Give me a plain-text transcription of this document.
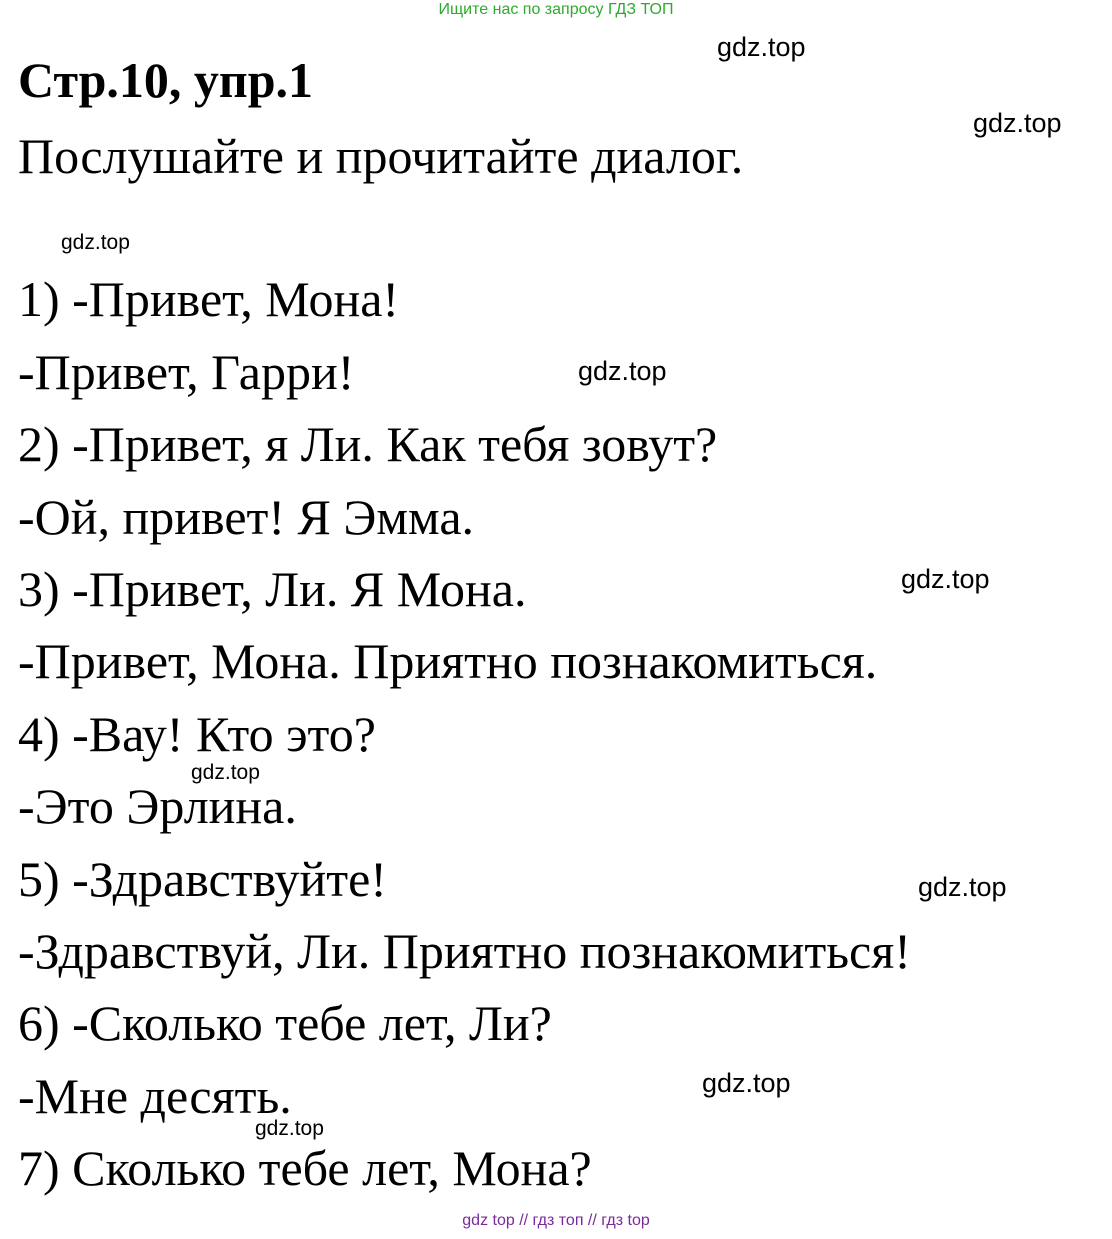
Ищите нас по запросу ГДЗ ТОП
Стр.10, упр.1
Послушайте и прочитайте диалог.
1) -Привет, Мона!
-Привет, Гарри!
2) -Привет, я Ли. Как тебя зовут?
-Ой, привет! Я Эмма.
3) -Привет, Ли. Я Мона.
-Привет, Мона. Приятно познакомиться.
4) -Вау! Кто это?
-Это Эрлина.
5) -Здравствуйте!
-Здравствуй, Ли. Приятно познакомиться!
6) -Сколько тебе лет, Ли?
-Мне десять.
7) Сколько тебе лет, Мона?
gdz.top
gdz.top
gdz.top
gdz.top
gdz.top
gdz.top
gdz.top
gdz.top
gdz.top
gdz top // гдз топ // гдз top
